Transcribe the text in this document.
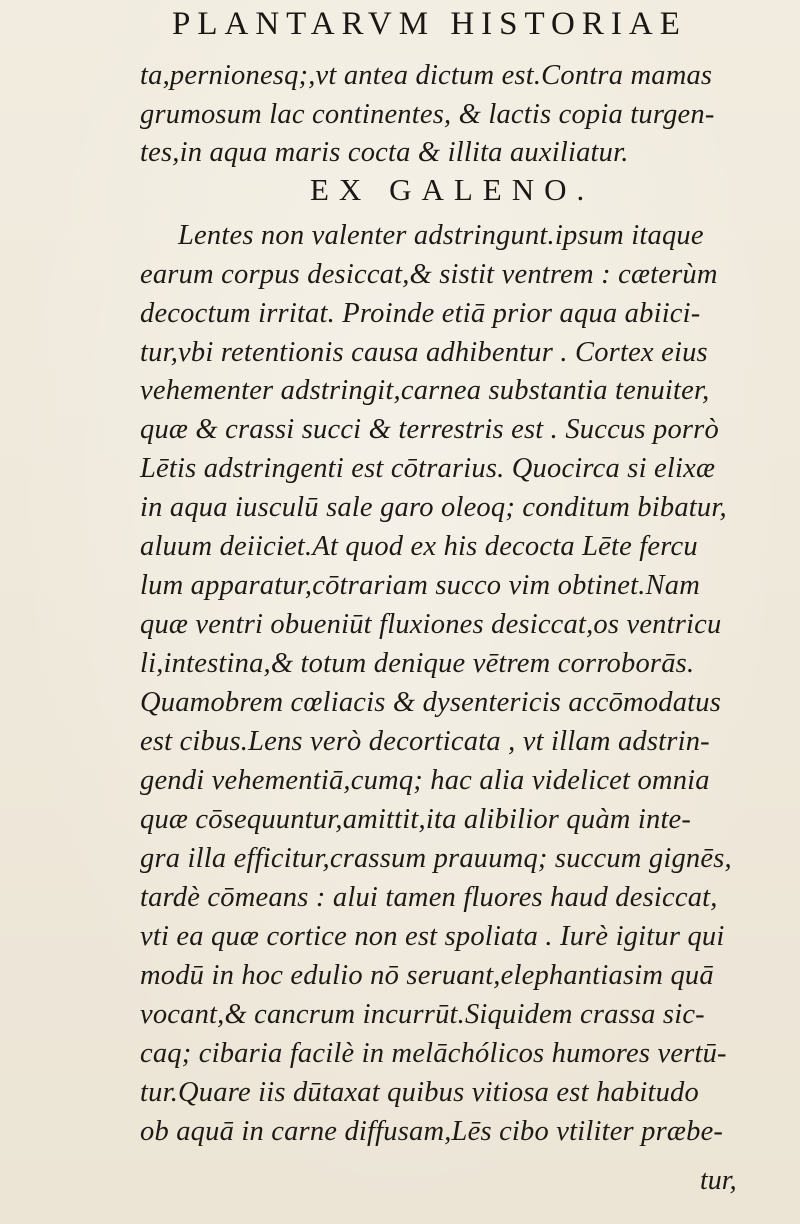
PLANTARVM HISTORIAE
ta,pernionesq;,vt antea dictum est.Contra mamas
grumosum lac continentes, & lactis copia turgen-
tes,in aqua maris cocta & illita auxiliatur.
EX GALENO.
Lentes non valenter adstringunt.ipsum itaque
earum corpus desiccat,& sistit ventrem : cæterùm
decoctum irritat. Proinde etiā prior aqua abiici-
tur,vbi retentionis causa adhibentur . Cortex eius
vehementer adstringit,carnea substantia tenuiter,
quæ & crassi succi & terrestris est . Succus porrò
Lētis adstringenti est cōtrarius. Quocirca si elixæ
in aqua iusculū sale garo oleoq; conditum bibatur,
aluum deiiciet.At quod ex his decocta Lēte fercu
lum apparatur,cōtrariam succo vim obtinet.Nam
quæ ventri obueniūt fluxiones desiccat,os ventricu
li,intestina,& totum denique vētrem corroborās.
Quamobrem cœliacis & dysentericis accōmodatus
est cibus.Lens verò decorticata , vt illam adstrin-
gendi vehementiā,cumq; hac alia videlicet omnia
quæ cōsequuntur,amittit,ita alibilior quàm inte-
gra illa efficitur,crassum prauumq; succum gignēs,
tardè cōmeans : alui tamen fluores haud desiccat,
vti ea quæ cortice non est spoliata . Iurè igitur qui
modū in hoc edulio nō seruant,elephantiasim quā
vocant,& cancrum incurrūt.Siquidem crassa sic-
caq; cibaria facilè in melāchólicos humores vertū-
tur.Quare iis dūtaxat quibus vitiosa est habitudo
ob aquā in carne diffusam,Lēs cibo vtiliter præbe-
tur,
